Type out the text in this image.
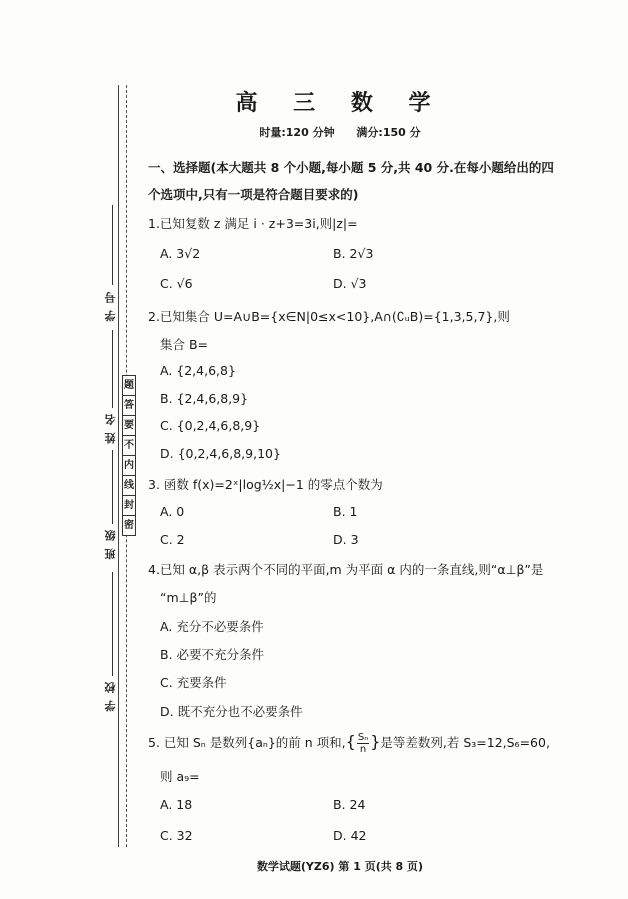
学 号
姓 名
班 级
学 校
题
答
要
不
内
线
封
密
高 三 数 学
时量:120 分钟 满分:150 分
一、选择题(本大题共 8 个小题,每小题 5 分,共 40 分.在每小题给出的四
个选项中,只有一项是符合题目要求的)
1.已知复数 z 满足 i · z+3=3i,则|z|=
A. 3√2	B. 2√3
C. √6	D. √3
2.已知集合 U=A∪B={x∈N|0≤x<10},A∩(∁ᵤB)={1,3,5,7},则
集合 B=
A. {2,4,6,8}
B. {2,4,6,8,9}
C. {0,2,4,6,8,9}
D. {0,2,4,6,8,9,10}
3. 函数 f(x)=2ˣ|log½x|−1 的零点个数为
A. 0	B. 1
C. 2	D. 3
4.已知 α,β 表示两个不同的平面,m 为平面 α 内的一条直线,则“α⊥β”是
“m⊥β”的
A. 充分不必要条件
B. 必要不充分条件
C. 充要条件
D. 既不充分也不必要条件
5. 已知 Sₙ 是数列{aₙ}的前 n 项和,{ $\frac{\text{Sₙ}}{n}$ }是等差数列,若 S₃=12,S₆=60,
则 a₉=
A. 18	B. 24
C. 32	D. 42
数学试题(YZ6) 第 1 页(共 8 页)
